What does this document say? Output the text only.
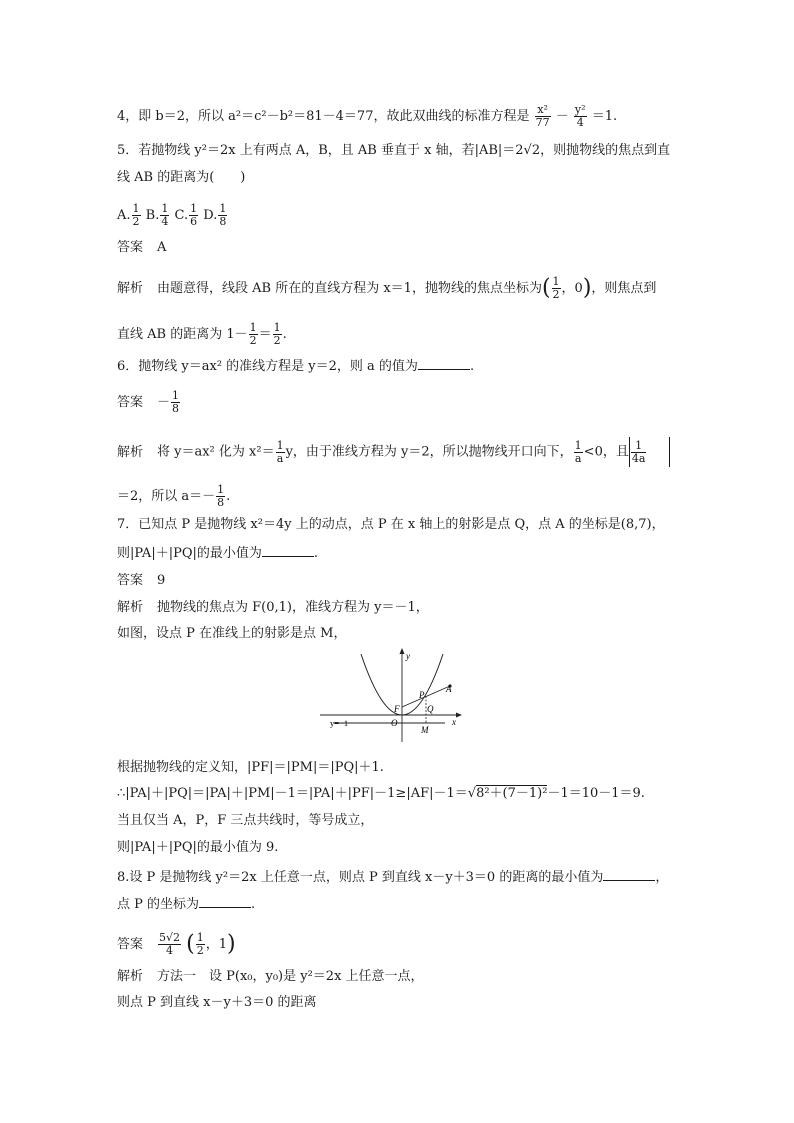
4，即 b＝2，所以 a²＝c²－b²＝81－4＝77，故此双曲线的标准方程是 $\frac{\text{x²}}{77} - \frac{\text{y²}}{4} =1$.
5．若抛物线 y²＝2x 上有两点 A，B，且 AB 垂直于 x 轴，若|AB|＝2√2，则抛物线的焦点到直
线 AB 的距离为(　　)
A. $\frac{1}{2} B$. $\frac{1}{4} C$. $\frac{1}{6} D$. $\frac{1}{8}$
答案 A
解析 由题意得，线段 AB 所在的直线方程为 x＝1，抛物线的焦点坐标为( $\frac{1}{2}$ ，0)，则焦点到
直线 AB 的距离为 $1- \frac{1}{2} = \frac{1}{2}$ .
6．抛物线 y＝ax² 的准线方程是 y＝2，则 a 的值为	.
答案 － $\frac{1}{8}$
解析 将 y＝ax² 化为 $x^2= \frac{1}{a}$ y，由于准线方程为 y＝2，所以抛物线开口向下， $\frac{1}{a} <0$，且 $\frac{1}{4a}$
＝2，所以 $a=- \frac{1}{8}$ .
7．已知点 P 是抛物线 x²＝4y 上的动点，点 P 在 x 轴上的射影是点 Q，点 A 的坐标是(8,7)，
则|PA|＋|PQ|的最小值为	.
答案 9
解析 抛物线的焦点为 F(0,1)，准线方程为 y＝－1，
如图，设点 P 在准线上的射影是点 M，
y
x
y=−1	O
F
P
Q
A
M
根据抛物线的定义知，|PF|＝|PM|＝|PQ|＋1.
∴|PA|＋|PQ|＝|PA|＋|PM|－1＝|PA|＋|PF|－1≥|AF|－1＝√8²＋(7－1)²－1＝10－1＝9.
当且仅当 A，P，F 三点共线时，等号成立，
则|PA|＋|PQ|的最小值为 9.
8.设 P 是抛物线 y²＝2x 上任意一点，则点 P 到直线 x－y＋3＝0 的距离的最小值为	，
点 P 的坐标为	.
答案 $\frac{5√2}{4}$ ( $\frac{1}{2}$ ，1)
解析 方法一　设 P(x₀，y₀)是 y²＝2x 上任意一点，
则点 P 到直线 x－y＋3＝0 的距离
